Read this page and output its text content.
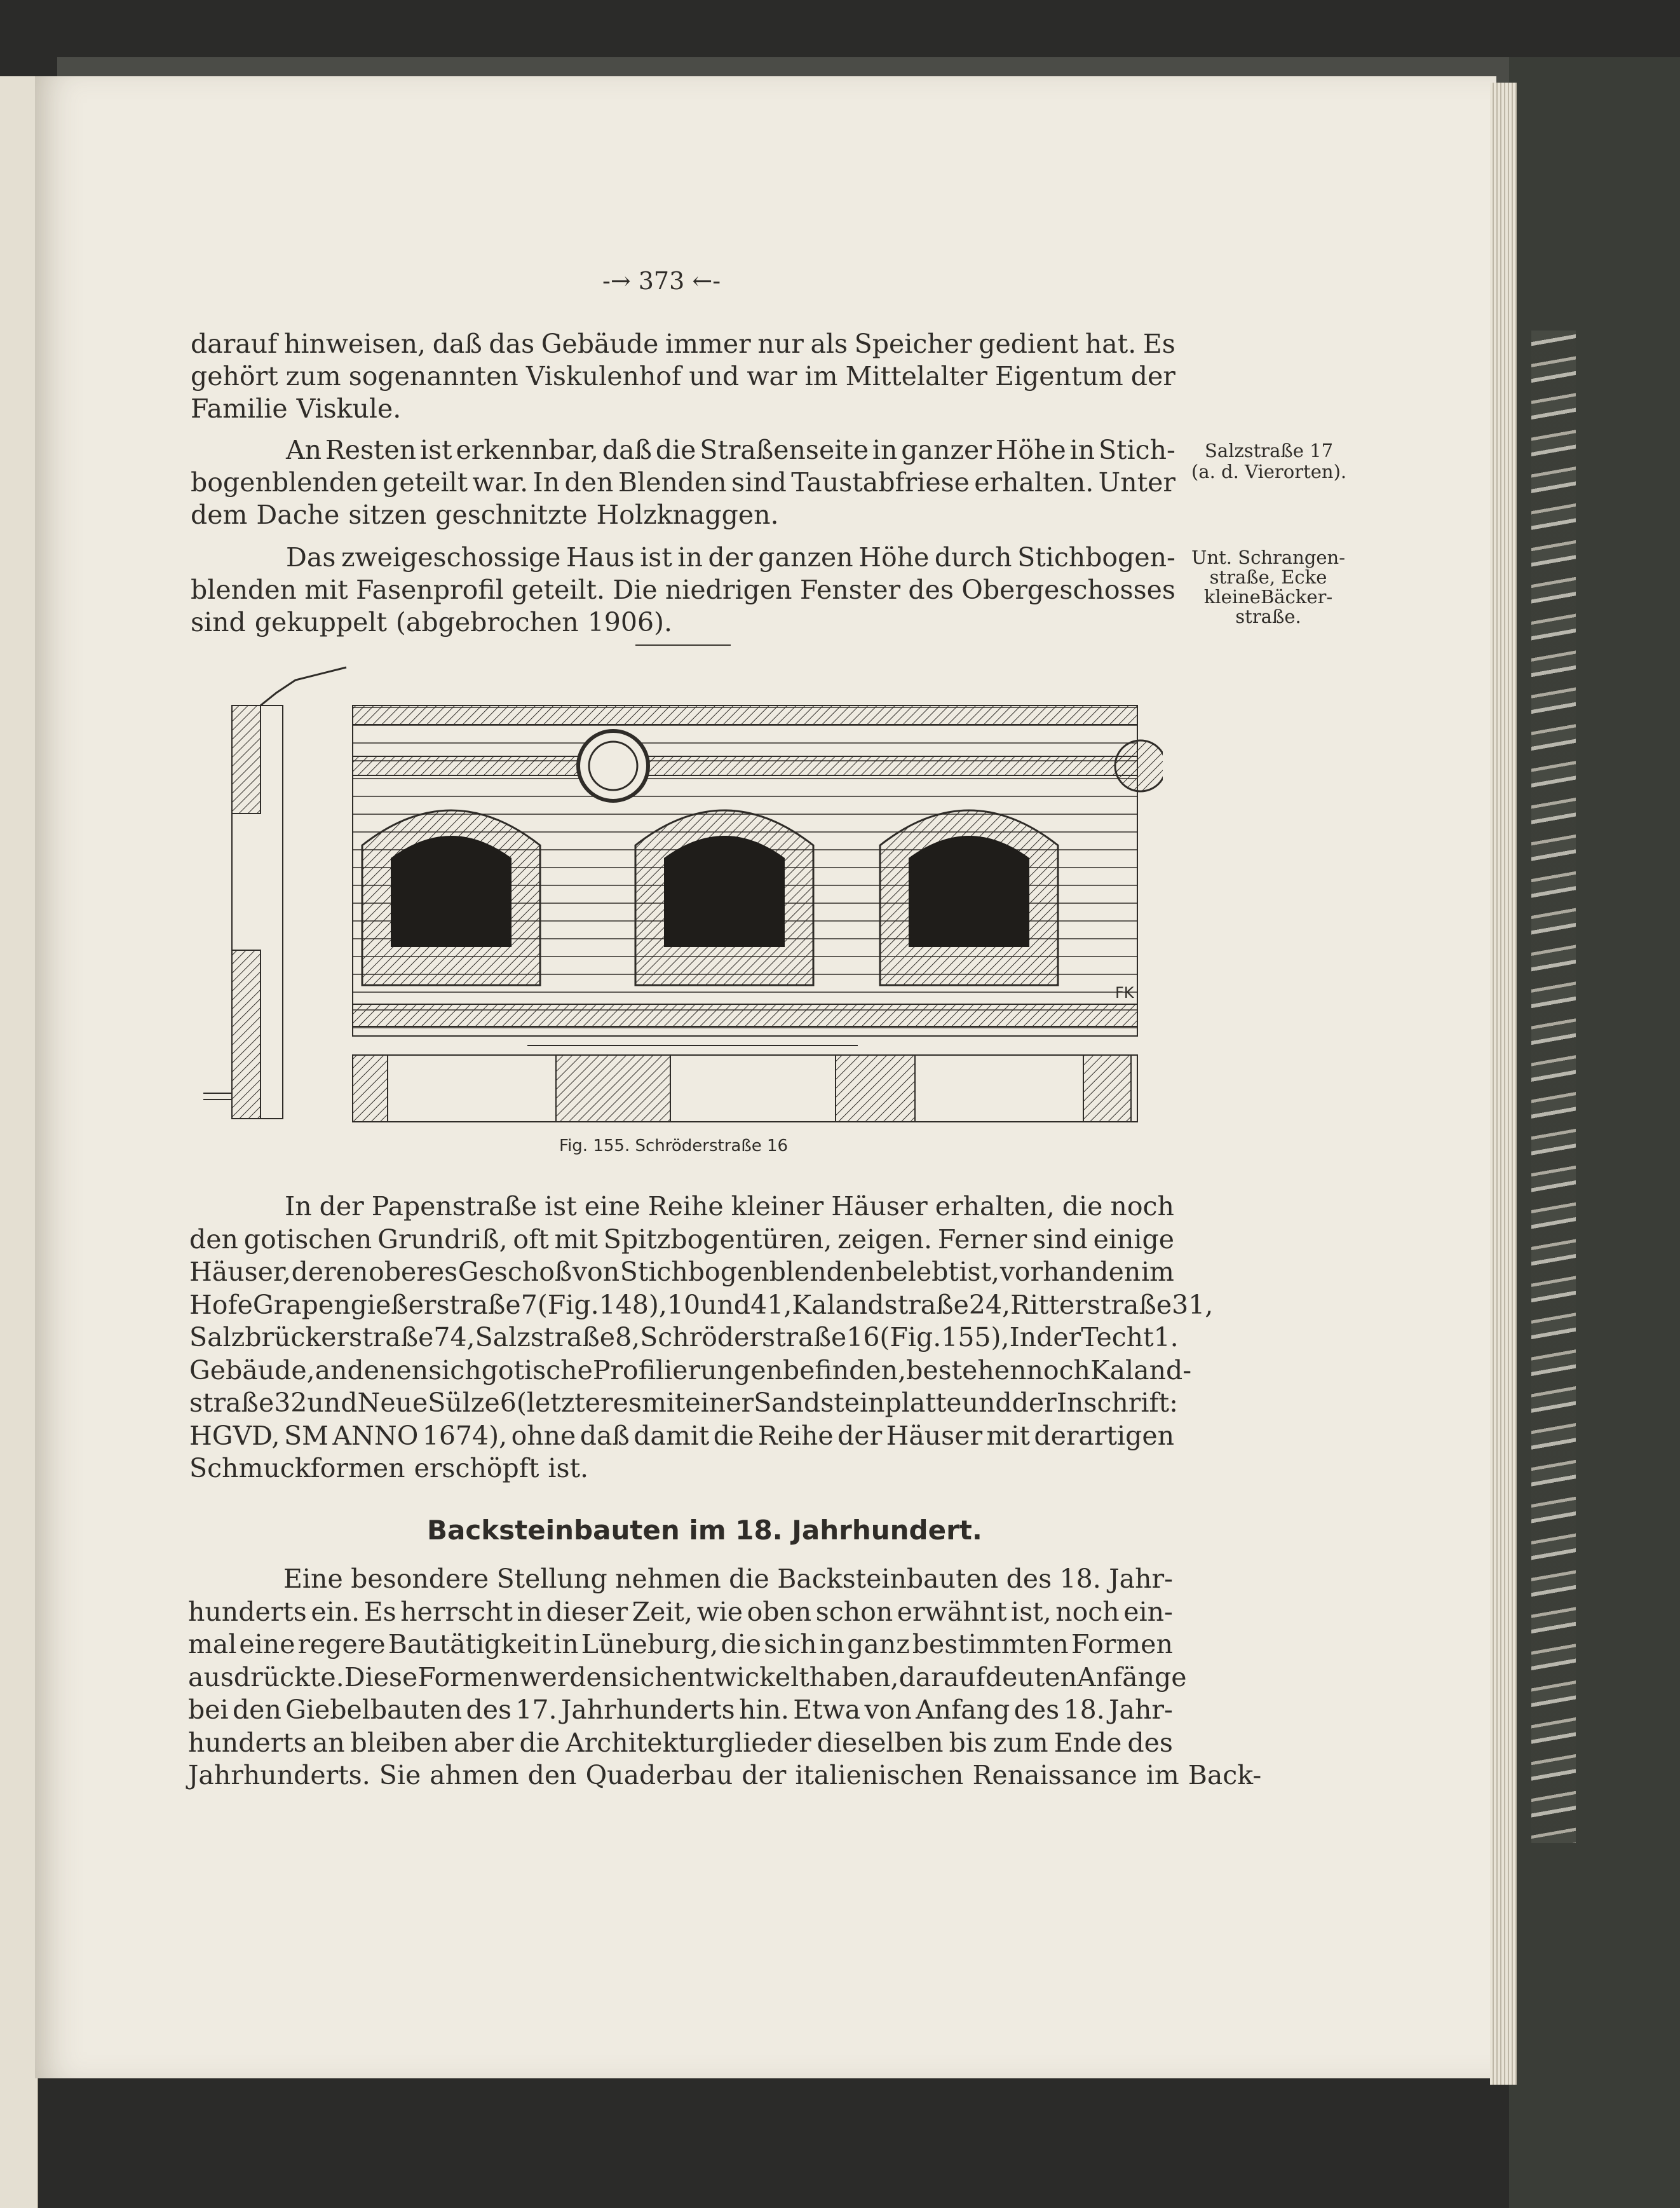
-→ 373 ←-
darauf hinweisen, daß das Gebäude immer nur als Speicher gedient hat. Es
gehört zum sogenannten Viskulenhof und war im Mittelalter Eigentum der
Familie Viskule.
An Resten ist erkennbar, daß die Straßenseite in ganzer Höhe in Stich-
bogenblenden geteilt war. In den Blenden sind Taustabfriese erhalten. Unter
dem Dache sitzen geschnitzte Holzknaggen.
Das zweigeschossige Haus ist in der ganzen Höhe durch Stichbogen-
blenden mit Fasenprofil geteilt. Die niedrigen Fenster des Obergeschosses
sind gekuppelt (abgebrochen 1906).
Salzstraße 17
(a. d. Vierorten).
Unt. Schrangen-
straße, Ecke
kleineBäcker-
straße.
FK
Fig. 155. Schröderstraße 16
In der Papenstraße ist eine Reihe kleiner Häuser erhalten, die noch
den gotischen Grundriß, oft mit Spitzbogentüren, zeigen. Ferner sind einige
Häuser, deren oberes Geschoß von Stichbogenblenden belebt ist, vorhanden im
Hofe Grapengießerstraße 7 (Fig. 148), 10 und 41, Kalandstraße 24, Ritterstraße 31,
Salzbrückerstraße 74, Salzstraße 8, Schröderstraße 16 (Fig. 155), In der Techt 1.
Gebäude, an denen sich gotische Profilierungen befinden, bestehen noch Kaland-
straße 32 und Neue Sülze 6 (letzteres mit einer Sandsteinplatte und der Inschrift:
HGVD, SM ANNO 1674), ohne daß damit die Reihe der Häuser mit derartigen
Schmuckformen erschöpft ist.
Backsteinbauten im 18. Jahrhundert.
Eine besondere Stellung nehmen die Backsteinbauten des 18. Jahr-
hunderts ein. Es herrscht in dieser Zeit, wie oben schon erwähnt ist, noch ein-
mal eine regere Bautätigkeit in Lüneburg, die sich in ganz bestimmten Formen
ausdrückte. Diese Formen werden sich entwickelt haben, darauf deuten Anfänge
bei den Giebelbauten des 17. Jahrhunderts hin. Etwa von Anfang des 18. Jahr-
hunderts an bleiben aber die Architekturglieder dieselben bis zum Ende des
Jahrhunderts. Sie ahmen den Quaderbau der italienischen Renaissance im Back-
